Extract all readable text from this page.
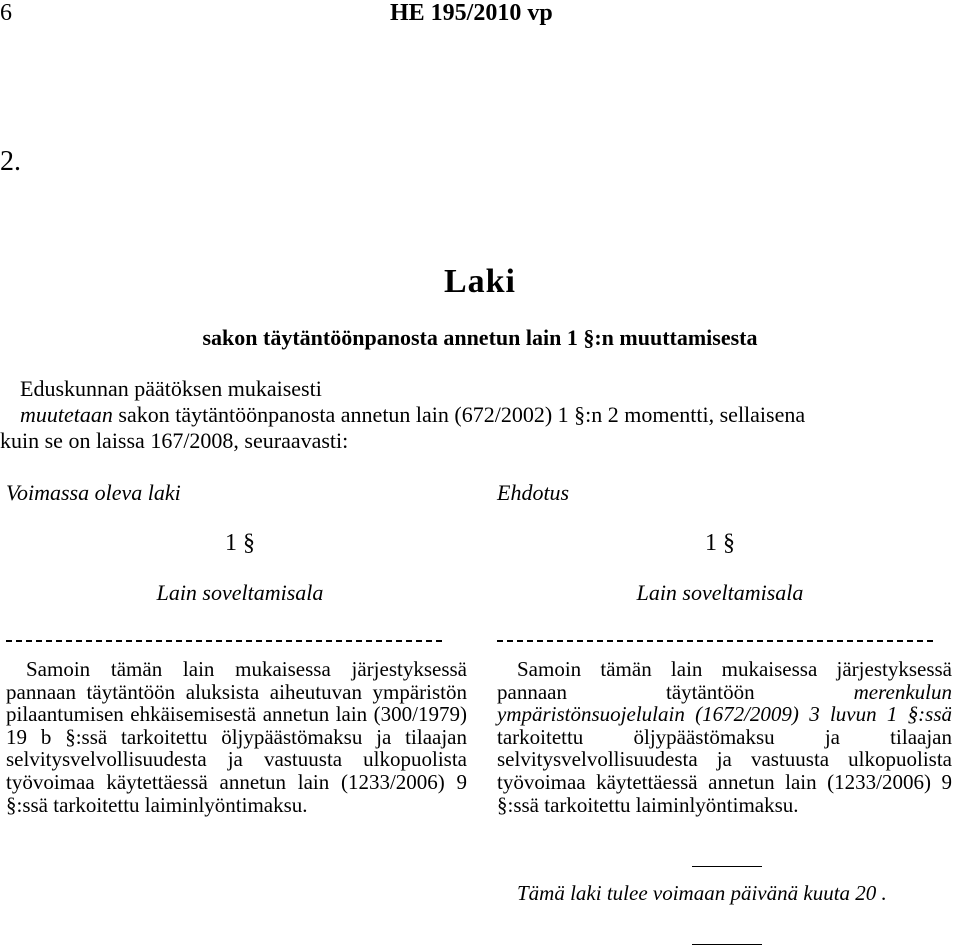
6	HE 195/2010 vp
2.
Laki
sakon täytäntöönpanosta annetun lain 1 §:n muuttamisesta
Eduskunnan päätöksen mukaisesti
muutetaan sakon täytäntöönpanosta annetun lain (672/2002) 1 §:n 2 momentti, sellaisena
kuin se on laissa 167/2008, seuraavasti:
Voimassa oleva laki	Ehdotus
1 §
Lain soveltamisala
Samoin tämän lain mukaisessa järjestyksessä pannaan täytäntöön aluksista aiheutuvan ympäristön pilaantumisen ehkäisemisestä annetun lain (300/1979) 19 b §:ssä tarkoitettu öljypäästömaksu ja tilaajan selvitysvelvollisuudesta ja vastuusta ulkopuolista työvoimaa käytettäessä annetun lain (1233/2006) 9 §:ssä tarkoitettu laiminlyöntimaksu.
1 §
Lain soveltamisala
Samoin tämän lain mukaisessa järjestyksessä pannaan täytäntöön merenkulun ympäristönsuojelulain (1672/2009) 3 luvun 1 §:ssä tarkoitettu öljypäästömaksu ja tilaajan selvitysvelvollisuudesta ja vastuusta ulkopuolista työvoimaa käytettäessä annetun lain (1233/2006) 9 §:ssä tarkoitettu laiminlyöntimaksu.
Tämä laki tulee voimaan päivänä kuuta 20 .
